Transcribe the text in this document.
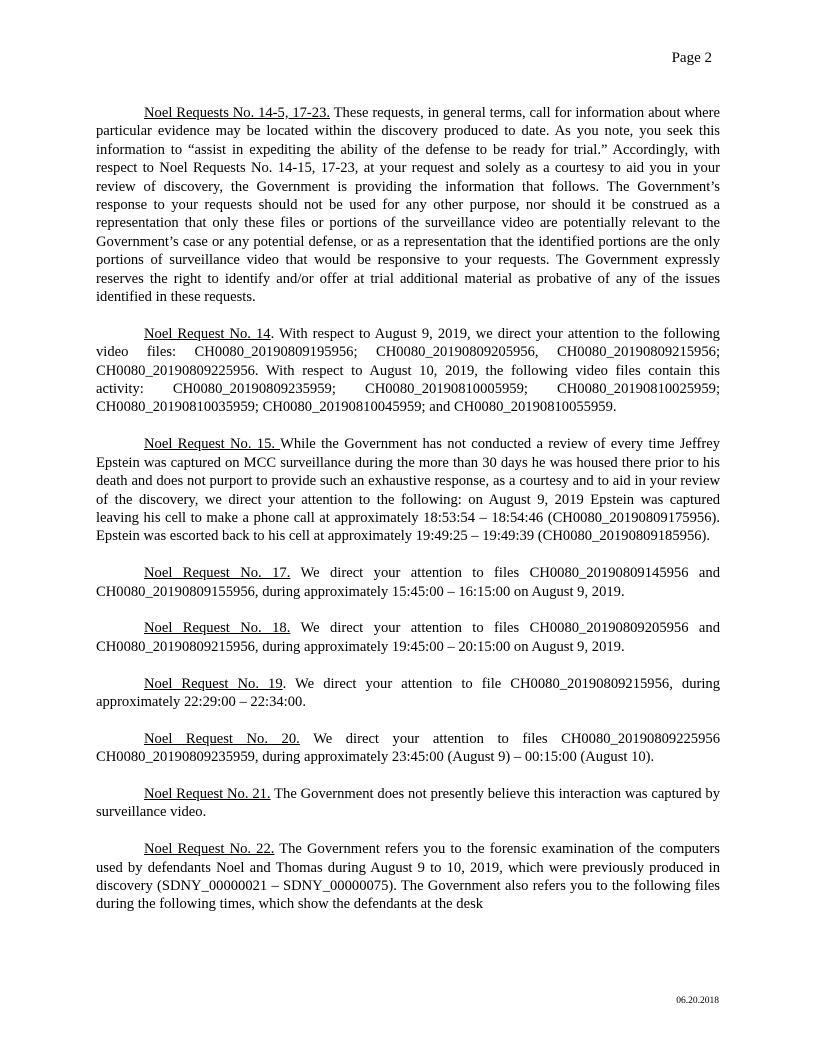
Page 2

Noel Requests No. 14-5, 17-23. These requests, in general terms, call for information about where particular evidence may be located within the discovery produced to date. As you note, you seek this information to “assist in expediting the ability of the defense to be ready for trial.” Accordingly, with respect to Noel Requests No. 14-15, 17-23, at your request and solely as a courtesy to aid you in your review of discovery, the Government is providing the information that follows. The Government’s response to your requests should not be used for any other purpose, nor should it be construed as a representation that only these files or portions of the surveillance video are potentially relevant to the Government’s case or any potential defense, or as a representation that the identified portions are the only portions of surveillance video that would be responsive to your requests. The Government expressly reserves the right to identify and/or offer at trial additional material as probative of any of the issues identified in these requests.

Noel Request No. 14. With respect to August 9, 2019, we direct your attention to the following video files: CH0080_20190809195956; CH0080_20190809205956, CH0080_20190809215956; CH0080_20190809225956. With respect to August 10, 2019, the following video files contain this activity: CH0080_20190809235959; CH0080_20190810005959; CH0080_20190810025959; CH0080_20190810035959; CH0080_20190810045959; and CH0080_20190810055959.

Noel Request No. 15. While the Government has not conducted a review of every time Jeffrey Epstein was captured on MCC surveillance during the more than 30 days he was housed there prior to his death and does not purport to provide such an exhaustive response, as a courtesy and to aid in your review of the discovery, we direct your attention to the following: on August 9, 2019 Epstein was captured leaving his cell to make a phone call at approximately 18:53:54 – 18:54:46 (CH0080_20190809175956). Epstein was escorted back to his cell at approximately 19:49:25 – 19:49:39 (CH0080_20190809185956).

Noel Request No. 17. We direct your attention to files CH0080_20190809145956 and CH0080_20190809155956, during approximately 15:45:00 – 16:15:00 on August 9, 2019.

Noel Request No. 18. We direct your attention to files CH0080_20190809205956 and CH0080_20190809215956, during approximately 19:45:00 – 20:15:00 on August 9, 2019.

Noel Request No. 19. We direct your attention to file CH0080_20190809215956, during approximately 22:29:00 – 22:34:00.

Noel Request No. 20. We direct your attention to files CH0080_20190809225956 CH0080_20190809235959, during approximately 23:45:00 (August 9) – 00:15:00 (August 10).

Noel Request No. 21. The Government does not presently believe this interaction was captured by surveillance video.

Noel Request No. 22. The Government refers you to the forensic examination of the computers used by defendants Noel and Thomas during August 9 to 10, 2019, which were previously produced in discovery (SDNY_00000021 – SDNY_00000075). The Government also refers you to the following files during the following times, which show the defendants at the desk

06.20.2018
